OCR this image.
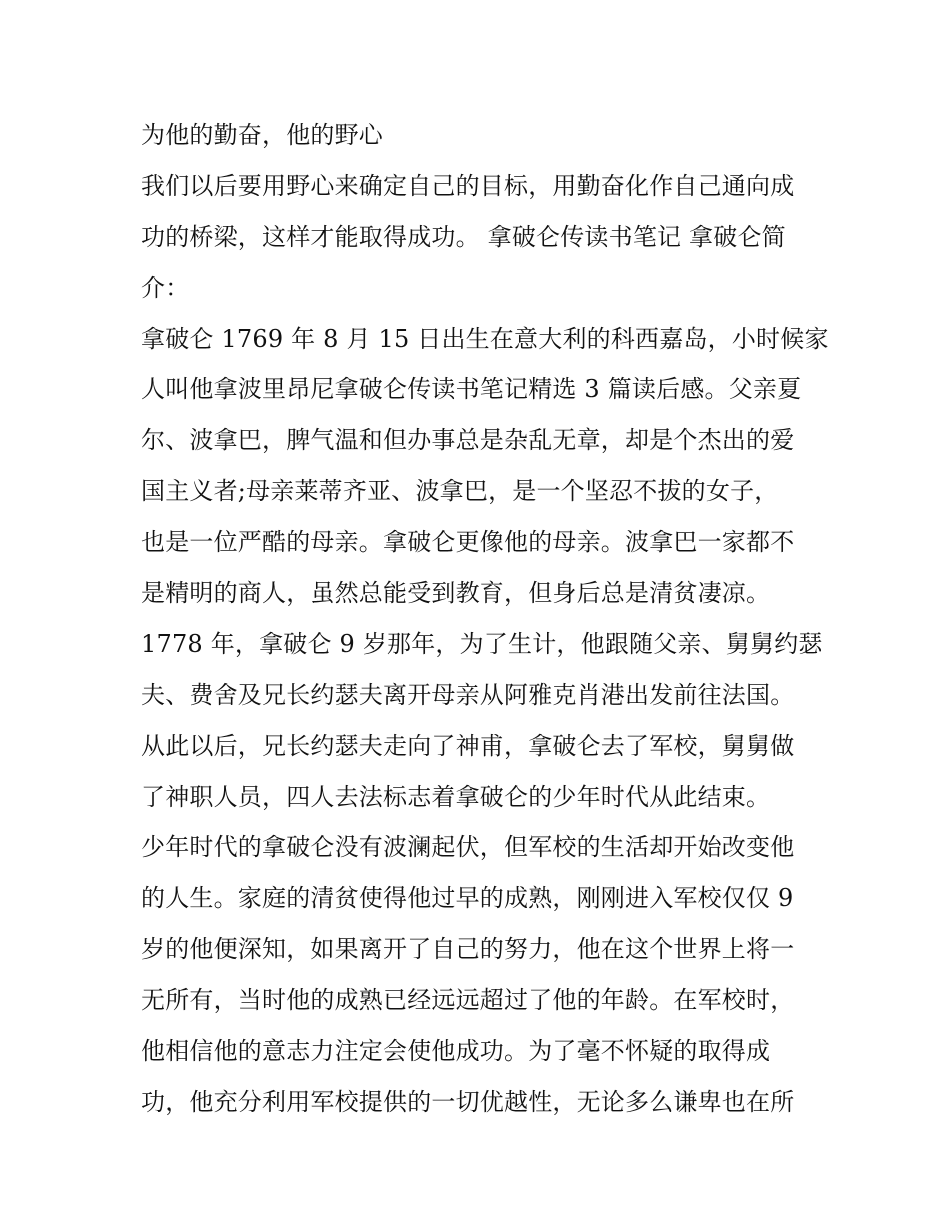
为他的勤奋，他的野心
我们以后要用野心来确定自己的目标，用勤奋化作自己通向成
功的桥梁，这样才能取得成功。 拿破仑传读书笔记 拿破仑简
介：
拿破仑 1769 年 8 月 15 日出生在意大利的科西嘉岛，小时候家
人叫他拿波里昂尼拿破仑传读书笔记精选 3 篇读后感。父亲夏
尔、波拿巴，脾气温和但办事总是杂乱无章，却是个杰出的爱
国主义者;母亲莱蒂齐亚、波拿巴，是一个坚忍不拔的女子，
也是一位严酷的母亲。拿破仑更像他的母亲。波拿巴一家都不
是精明的商人，虽然总能受到教育，但身后总是清贫凄凉。
1778 年，拿破仑 9 岁那年，为了生计，他跟随父亲、舅舅约瑟
夫、费舍及兄长约瑟夫离开母亲从阿雅克肖港出发前往法国。
从此以后，兄长约瑟夫走向了神甫，拿破仑去了军校，舅舅做
了神职人员，四人去法标志着拿破仑的少年时代从此结束。
少年时代的拿破仑没有波澜起伏，但军校的生活却开始改变他
的人生。家庭的清贫使得他过早的成熟，刚刚进入军校仅仅 9
岁的他便深知，如果离开了自己的努力，他在这个世界上将一
无所有，当时他的成熟已经远远超过了他的年龄。在军校时，
他相信他的意志力注定会使他成功。为了毫不怀疑的取得成
功，他充分利用军校提供的一切优越性，无论多么谦卑也在所
